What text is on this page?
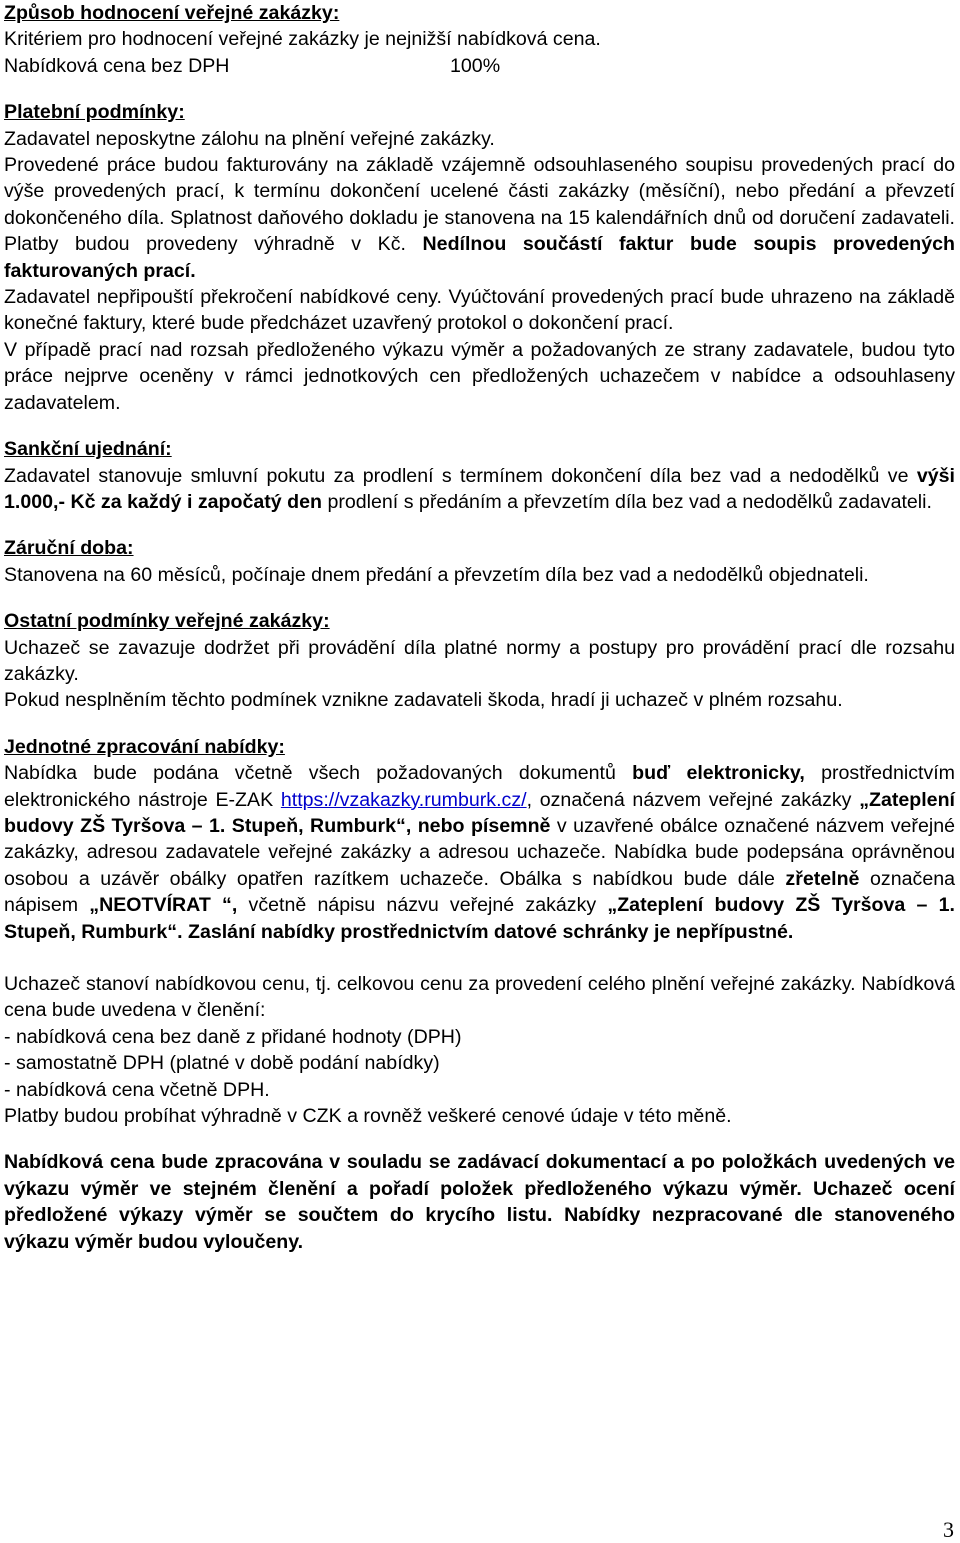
Způsob hodnocení veřejné zakázky:

Kritériem pro hodnocení veřejné zakázky je nejnižší nabídková cena.

Nabídková cena bez DPH	100%

Platební podmínky:

Zadavatel neposkytne zálohu na plnění veřejné zakázky.

Provedené práce budou fakturovány na základě vzájemně odsouhlaseného soupisu provedených prací do výše provedených prací, k termínu dokončení ucelené části zakázky (měsíční), nebo předání a převzetí dokončeného díla. Splatnost daňového dokladu je stanovena na 15 kalendářních dnů od doručení zadavateli. Platby budou provedeny výhradně v Kč. Nedílnou součástí faktur bude soupis provedených fakturovaných prací.

Zadavatel nepřipouští překročení nabídkové ceny. Vyúčtování provedených prací bude uhrazeno na základě konečné faktury, které bude předcházet uzavřený protokol o dokončení prací.

V případě prací nad rozsah předloženého výkazu výměr a požadovaných ze strany zadavatele, budou tyto práce nejprve oceněny v rámci jednotkových cen předložených uchazečem v nabídce a odsouhlaseny zadavatelem.

Sankční ujednání:

Zadavatel stanovuje smluvní pokutu za prodlení s termínem dokončení díla bez vad a nedodělků ve výši 1.000,- Kč za každý i započatý den prodlení s předáním a převzetím díla bez vad a nedodělků zadavateli.

Záruční doba:

Stanovena na 60 měsíců, počínaje dnem předání a převzetím díla bez vad a nedodělků objednateli.

Ostatní podmínky veřejné zakázky:

Uchazeč se zavazuje dodržet při provádění díla platné normy a postupy pro provádění prací dle rozsahu zakázky.

Pokud nesplněním těchto podmínek vznikne zadavateli škoda, hradí ji uchazeč v plném rozsahu.

Jednotné zpracování nabídky:

Nabídka bude podána včetně všech požadovaných dokumentů buď elektronicky, prostřednictvím elektronického nástroje E-ZAK https://vzakazky.rumburk.cz/, označená názvem veřejné zakázky „Zateplení budovy ZŠ Tyršova – 1. Stupeň, Rumburk“, nebo písemně v uzavřené obálce označené názvem veřejné zakázky, adresou zadavatele veřejné zakázky a adresou uchazeče. Nabídka bude podepsána oprávněnou osobou a uzávěr obálky opatřen razítkem uchazeče. Obálka s nabídkou bude dále zřetelně označena nápisem „NEOTVÍRAT “, včetně nápisu názvu veřejné zakázky „Zateplení budovy ZŠ Tyršova – 1. Stupeň, Rumburk“. Zaslání nabídky prostřednictvím datové schránky je nepřípustné.

Uchazeč stanoví nabídkovou cenu, tj. celkovou cenu za provedení celého plnění veřejné zakázky. Nabídková cena bude uvedena v členění:

- nabídková cena bez daně z přidané hodnoty (DPH)

- samostatně DPH (platné v době podání nabídky)

- nabídková cena včetně DPH.

Platby budou probíhat výhradně v CZK a rovněž veškeré cenové údaje v této měně.

Nabídková cena bude zpracována v souladu se zadávací dokumentací a po položkách uvedených ve výkazu výměr ve stejném členění a pořadí položek předloženého výkazu výměr. Uchazeč ocení předložené výkazy výměr se součtem do krycího listu. Nabídky nezpracované dle stanoveného výkazu výměr budou vyloučeny.

3
